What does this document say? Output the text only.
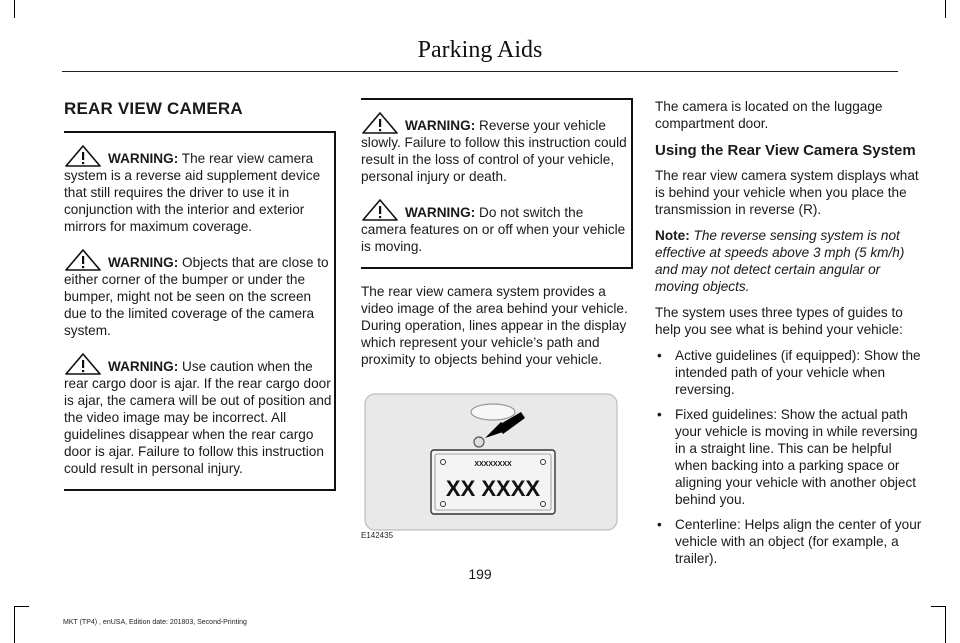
Parking Aids
REAR VIEW CAMERA
WARNING: The rear view camera system is a reverse aid supplement device that still requires the driver to use it in conjunction with the interior and exterior mirrors for maximum coverage.
WARNING: Objects that are close to either corner of the bumper or under the bumper, might not be seen on the screen due to the limited coverage of the camera system.
WARNING: Use caution when the rear cargo door is ajar. If the rear cargo door is ajar, the camera will be out of position and the video image may be incorrect. All guidelines disappear when the rear cargo door is ajar. Failure to follow this instruction could result in personal injury.
WARNING: Reverse your vehicle slowly. Failure to follow this instruction could result in the loss of control of your vehicle, personal injury or death.
WARNING: Do not switch the camera features on or off when your vehicle is moving.

The rear view camera system provides a video image of the area behind your vehicle. During operation, lines appear in the display which represent your vehicle’s path and proximity to objects behind your vehicle.

XXXXXXXX
XX XXXX
E142435

The camera is located on the luggage compartment door.

Using the Rear View Camera System

The rear view camera system displays what is behind your vehicle when you place the transmission in reverse (R).

Note: The reverse sensing system is not effective at speeds above 3 mph (5 km/h) and may not detect certain angular or moving objects.

The system uses three types of guides to help you see what is behind your vehicle:

• Active guidelines (if equipped): Show the intended path of your vehicle when reversing.
• Fixed guidelines: Show the actual path your vehicle is moving in while reversing in a straight line. This can be helpful when backing into a parking space or aligning your vehicle with another object behind you.
• Centerline: Helps align the center of your vehicle with an object (for example, a trailer).
199
MKT (TP4) , enUSA, Edition date: 201803, Second-Printing
